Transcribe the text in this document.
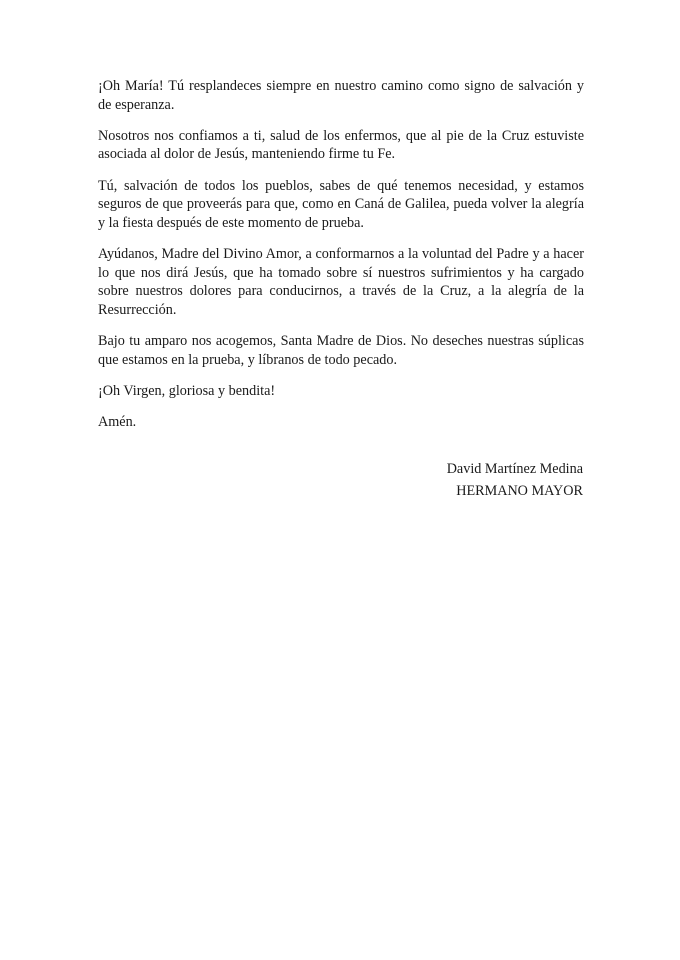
¡Oh María! Tú resplandeces siempre en nuestro camino como signo de salvación y de esperanza.

Nosotros nos confiamos a ti, salud de los enfermos, que al pie de la Cruz estuviste asociada al dolor de Jesús, manteniendo firme tu Fe.

Tú, salvación de todos los pueblos, sabes de qué tenemos necesidad, y estamos seguros de que proveerás para que, como en Caná de Galilea, pueda volver la alegría y la fiesta después de este momento de prueba.

Ayúdanos, Madre del Divino Amor, a conformarnos a la voluntad del Padre y a hacer lo que nos dirá Jesús, que ha tomado sobre sí nuestros sufrimientos y ha cargado sobre nuestros dolores para conducirnos, a través de la Cruz, a la alegría de la Resurrección.

Bajo tu amparo nos acogemos, Santa Madre de Dios. No deseches nuestras súplicas que estamos en la prueba, y líbranos de todo pecado.

¡Oh Virgen, gloriosa y bendita!

Amén.

David Martínez Medina
HERMANO MAYOR
